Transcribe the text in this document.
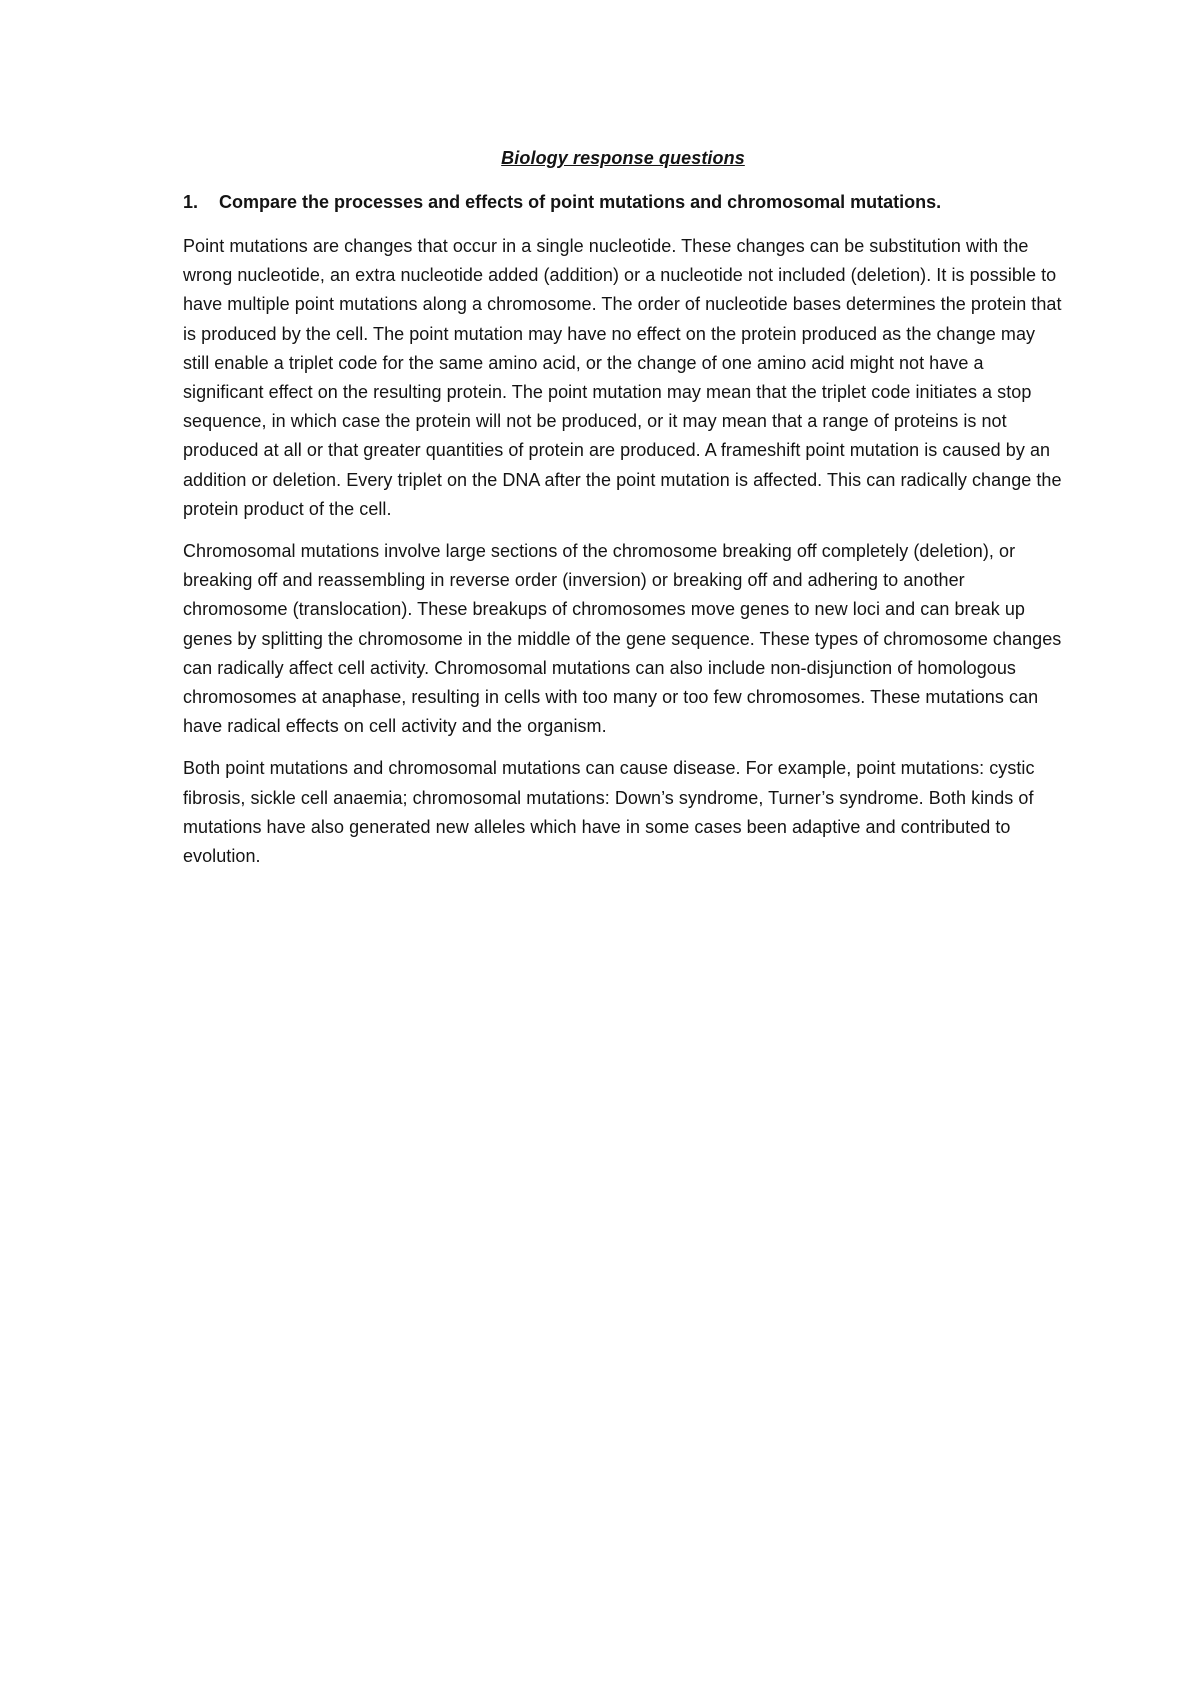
Biology response questions
1.	Compare the processes and effects of point mutations and chromosomal mutations.

Point mutations are changes that occur in a single nucleotide. These changes can be substitution with the wrong nucleotide, an extra nucleotide added (addition) or a nucleotide not included (deletion). It is possible to have multiple point mutations along a chromosome. The order of nucleotide bases determines the protein that is produced by the cell. The point mutation may have no effect on the protein produced as the change may still enable a triplet code for the same amino acid, or the change of one amino acid might not have a significant effect on the resulting protein. The point mutation may mean that the triplet code initiates a stop sequence, in which case the protein will not be produced, or it may mean that a range of proteins is not produced at all or that greater quantities of protein are produced. A frameshift point mutation is caused by an addition or deletion. Every triplet on the DNA after the point mutation is affected. This can radically change the protein product of the cell.

Chromosomal mutations involve large sections of the chromosome breaking off completely (deletion), or breaking off and reassembling in reverse order (inversion) or breaking off and adhering to another chromosome (translocation). These breakups of chromosomes move genes to new loci and can break up genes by splitting the chromosome in the middle of the gene sequence. These types of chromosome changes can radically affect cell activity. Chromosomal mutations can also include non-disjunction of homologous chromosomes at anaphase, resulting in cells with too many or too few chromosomes. These mutations can have radical effects on cell activity and the organism.

Both point mutations and chromosomal mutations can cause disease. For example, point mutations: cystic fibrosis, sickle cell anaemia; chromosomal mutations: Down’s syndrome, Turner’s syndrome. Both kinds of mutations have also generated new alleles which have in some cases been adaptive and contributed to evolution.
